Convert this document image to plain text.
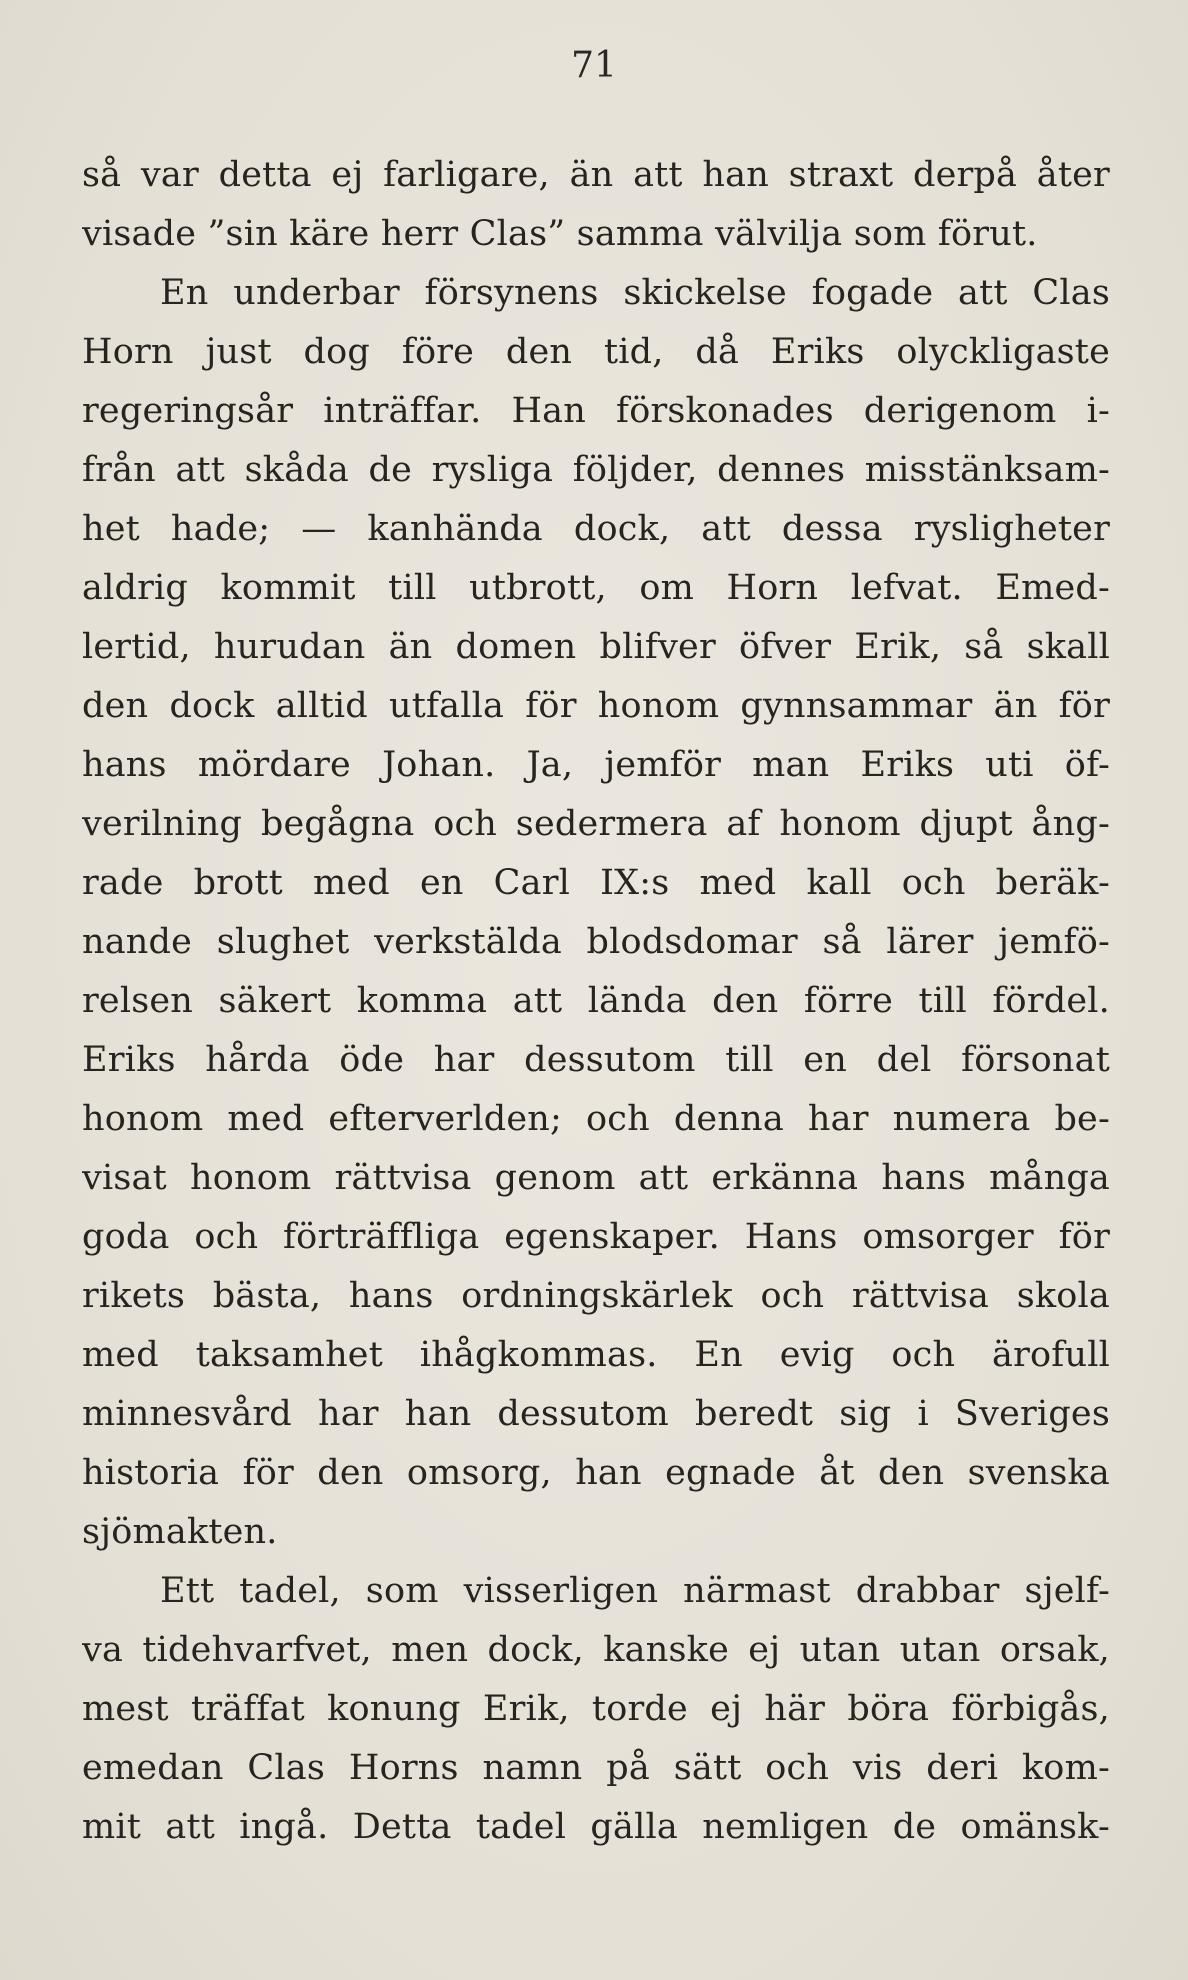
71
så var detta ej farligare, än att han straxt derpå åter
visade ”sin käre herr Clas” samma välvilja som förut.
En underbar försynens skickelse fogade att Clas
Horn just dog före den tid, då Eriks olyckligaste
regeringsår inträffar. Han förskonades derigenom i-
från att skåda de rysliga följder, dennes misstänksam-
het hade; — kanhända dock, att dessa rysligheter
aldrig kommit till utbrott, om Horn lefvat. Emed-
lertid, hurudan än domen blifver öfver Erik, så skall
den dock alltid utfalla för honom gynnsammar än för
hans mördare Johan. Ja, jemför man Eriks uti öf-
verilning begågna och sedermera af honom djupt ång-
rade brott med en Carl IX:s med kall och beräk-
nande slughet verkstälda blodsdomar så lärer jemfö-
relsen säkert komma att lända den förre till fördel.
Eriks hårda öde har dessutom till en del försonat
honom med efterverlden; och denna har numera be-
visat honom rättvisa genom att erkänna hans många
goda och förträffliga egenskaper. Hans omsorger för
rikets bästa, hans ordningskärlek och rättvisa skola
med taksamhet ihågkommas. En evig och ärofull
minnesvård har han dessutom beredt sig i Sveriges
historia för den omsorg, han egnade åt den svenska
sjömakten.
Ett tadel, som visserligen närmast drabbar sjelf-
va tidehvarfvet, men dock, kanske ej utan utan orsak,
mest träffat konung Erik, torde ej här böra förbigås,
emedan Clas Horns namn på sätt och vis deri kom-
mit att ingå. Detta tadel gälla nemligen de omänsk-
